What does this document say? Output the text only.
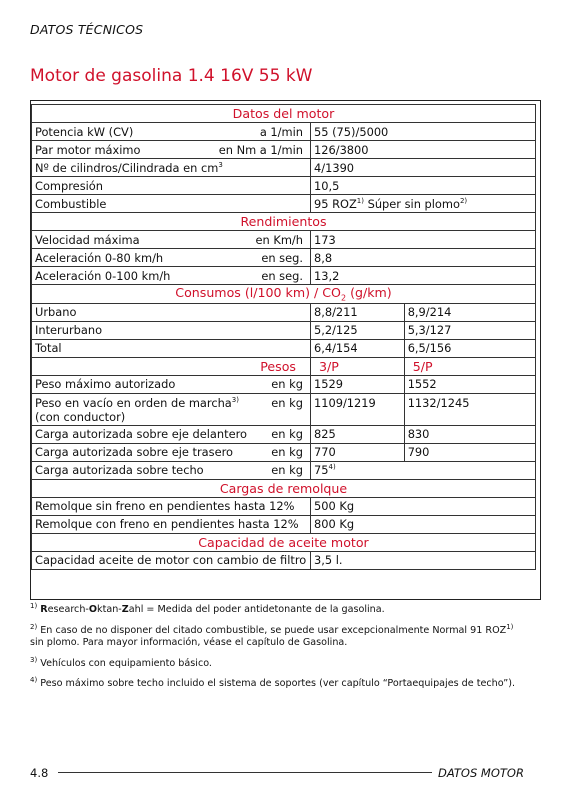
DATOS TÉCNICOS
Motor de gasolina 1.4 16V 55 kW
Datos del motor		

Potencia kW (CV) a 1/min	55 (75)/5000	

Par motor máximo en Nm a 1/min	126/3800	
Nº de cilindros/Cilindrada en $cm^3$	4/1390	
Compresión	10,5	
Combustible	95 ROZ$^{1)}$ Súper sin plomo$^{2)}$
Rendimientos		

Velocidad máxima en Km/h	173	

Aceleración 0-80 km/h en seg.	8,8	

Aceleración 0-100 km/h en seg.	13,2	
Consumos (l/100 $km) / CO_2$ (g/km)		
Urbano	8,8/211	8,9/214
Interurbano	5,2/125	5,3/127
Total	6,4/154	6,5/156
Pesos	3/P	5/P

Peso máximo autorizado en kg	1529	1552

Peso en vacío en orden de marcha$^{3)}$ en kg
(con conductor)	1109/1219	1132/1245

Carga autorizada sobre eje delantero en kg	825	830

Carga autorizada sobre eje trasero en kg	770	790

Carga autorizada sobre techo en kg	75$^{4)}$
Cargas de remolque		
Remolque sin freno en pendientes hasta 12%	500 Kg	
Remolque con freno en pendientes hasta 12%	800 Kg	
Capacidad de aceite motor		
Capacidad aceite de motor con cambio de filtro	3,5 l.	
$^{1)}$ Research-Oktan-Zahl = Medida del poder antidetonante de la gasolina.
$^{2)}$ En caso de no disponer del citado combustible, se puede usar excepcionalmente Normal 91 ROZ$^{1)}$ sin plomo. Para mayor información, véase el capítulo de Gasolina.
$^{3)}$ Vehículos con equipamiento básico.
$^{4)}$ Peso máximo sobre techo incluido el sistema de soportes (ver capítulo “Portaequipajes de techo”).
4.8	DATOS MOTOR
